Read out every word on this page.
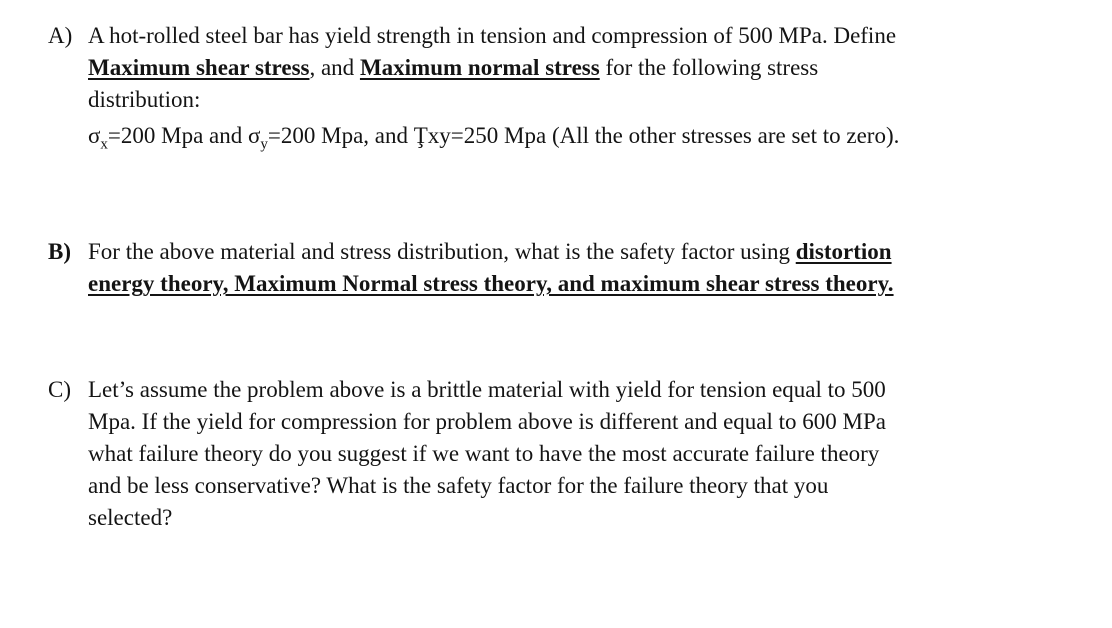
A) A hot-rolled steel bar has yield strength in tension and compression of 500 MPa. Define
Maximum shear stress, and Maximum normal stress for the following stress
distribution:
$\sigma_x=200$ Mpa and $\sigma_y=200$ Mpa, and Ţxy=250 Mpa (All the other stresses are set to zero).
B) For the above material and stress distribution, what is the safety factor using distortion
energy theory, Maximum Normal stress theory, and maximum shear stress theory.
C) Let’s assume the problem above is a brittle material with yield for tension equal to 500
Mpa. If the yield for compression for problem above is different and equal to 600 MPa
what failure theory do you suggest if we want to have the most accurate failure theory
and be less conservative? What is the safety factor for the failure theory that you
selected?
